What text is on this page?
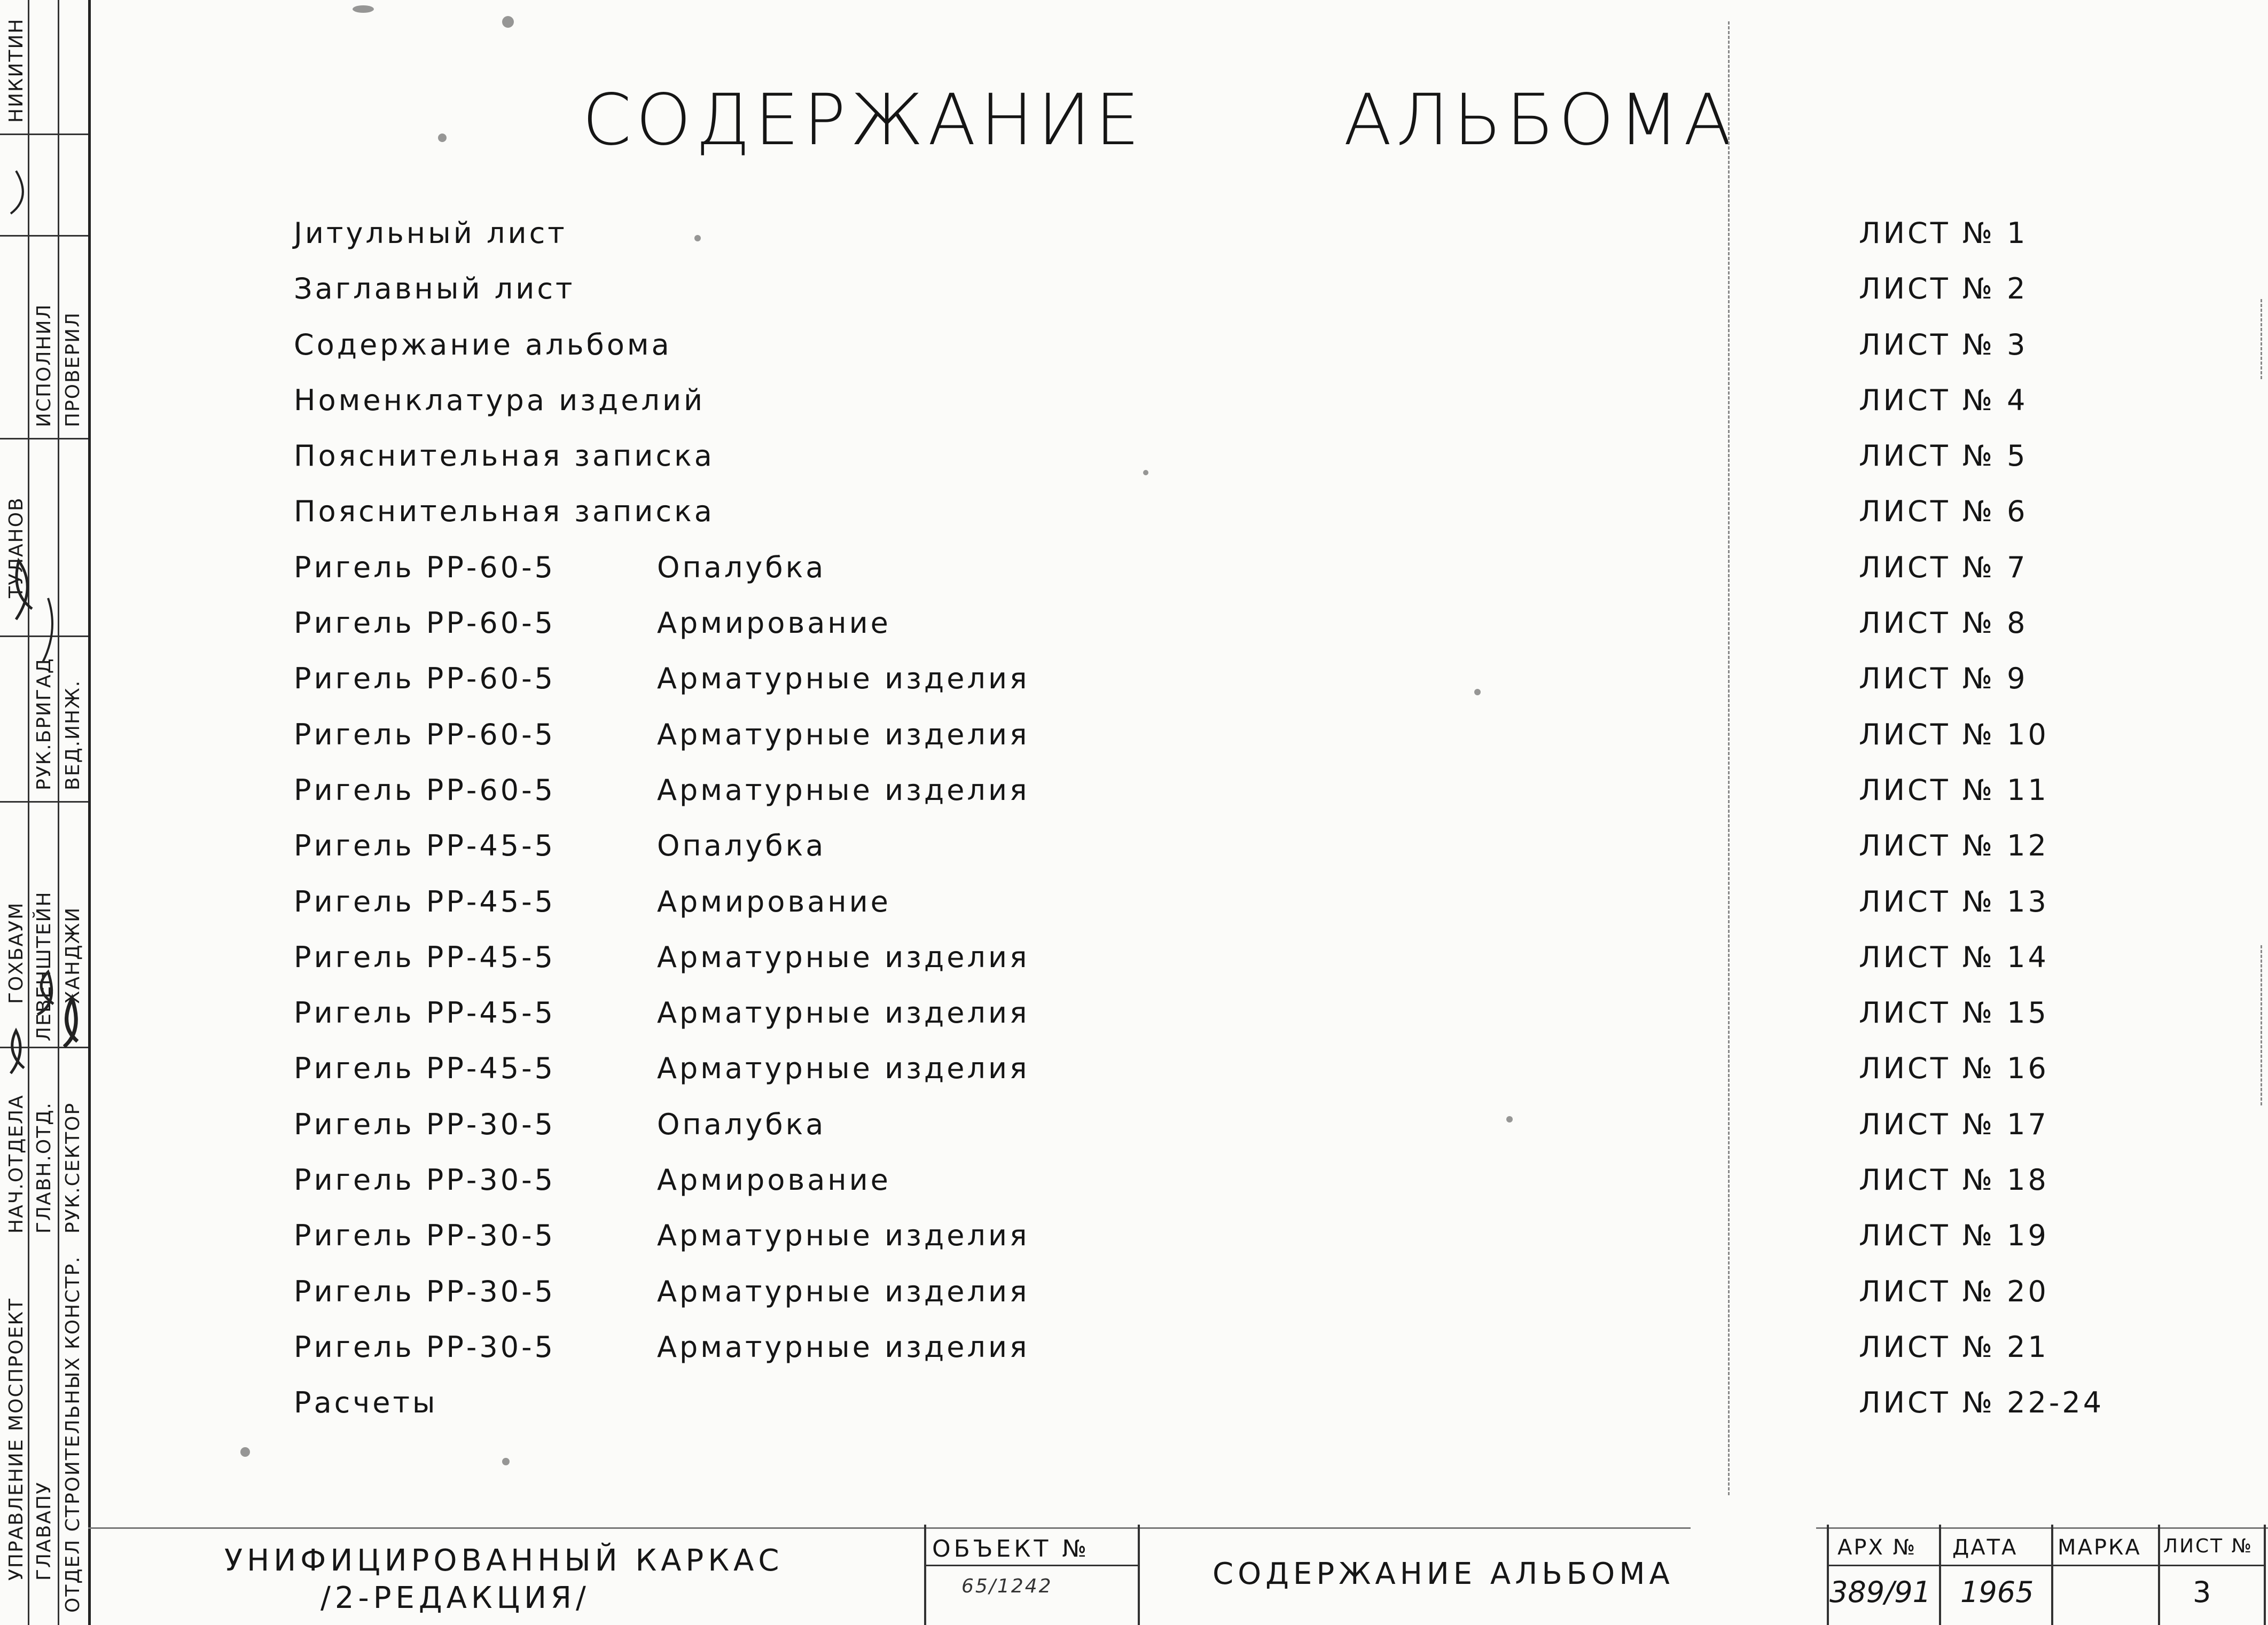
УПРАВЛЕНИЕ МОСПРОЕКТ ГЛАВАПУ ОТДЕЛ СТРОИТЕЛЬНЫХ КОНСТР.
НАЧ.ОТДЕЛА ГЛАВН.ОТД. РУК.СЕКТОР
РУК.БРИГАД ВЕД.ИНЖ.
ИСПОЛНИЛ ПРОВЕРИЛ
ГОХБАУМ ЛЕВЕНШТЕЙН ХАНДЖИ
ТУЛАНОВ
НИКИТИН	СОДЕРЖАНИЕ	АЛЬБОМА
Jитульный лист	ЛИСТ № 1
Заглавный лист	ЛИСТ № 2
Содержание альбома	ЛИСТ № 3
Номенклатура изделий	ЛИСТ № 4
Пояснительная записка	ЛИСТ № 5
Пояснительная записка	ЛИСТ № 6
Ригель РР-60-5	Опалубка	ЛИСТ № 7
Ригель РР-60-5	Армирование	ЛИСТ № 8
Ригель РР-60-5	Арматурные изделия	ЛИСТ № 9
Ригель РР-60-5	Арматурные изделия	ЛИСТ № 10
Ригель РР-60-5	Арматурные изделия	ЛИСТ № 11
Ригель РР-45-5	Опалубка	ЛИСТ № 12
Ригель РР-45-5	Армирование	ЛИСТ № 13
Ригель РР-45-5	Арматурные изделия	ЛИСТ № 14
Ригель РР-45-5	Арматурные изделия	ЛИСТ № 15
Ригель РР-45-5	Арматурные изделия	ЛИСТ № 16
Ригель РР-30-5	Опалубка	ЛИСТ № 17
Ригель РР-30-5	Армирование	ЛИСТ № 18
Ригель РР-30-5	Арматурные изделия	ЛИСТ № 19
Ригель РР-30-5	Арматурные изделия	ЛИСТ № 20
Ригель РР-30-5	Арматурные изделия	ЛИСТ № 21
Расчеты	ЛИСТ № 22-24
УНИФИЦИРОВАННЫЙ КАРКАС
/2-РЕДАКЦИЯ/
ОБЪЕКТ №
65/1242	СОДЕРЖАНИЕ АЛЬБОМА
АРХ №
389/91
ДАТА
1965
МАРКА ЛИСТ №
3
